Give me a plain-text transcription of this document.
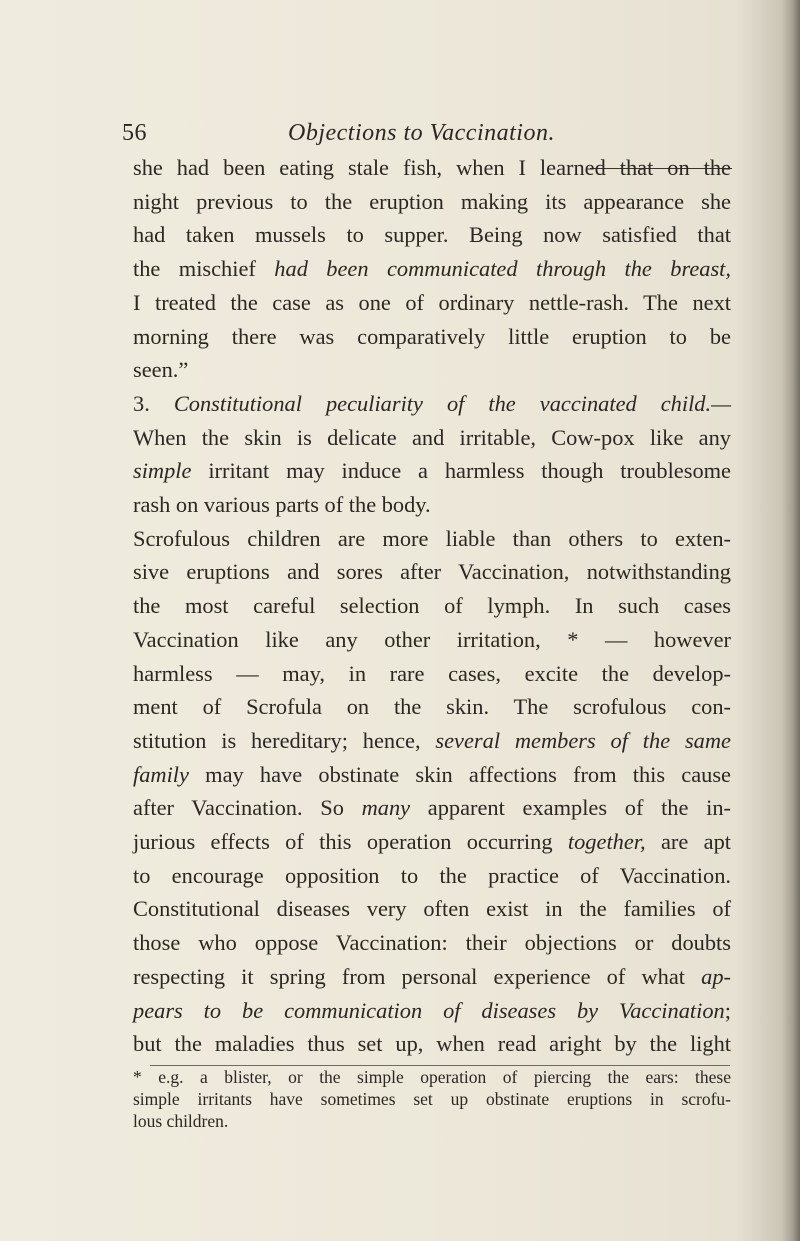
56	Objections to Vaccination.
she had been eating stale fish, when I learned that on the
night previous to the eruption making its appearance she
had taken mussels to supper. Being now satisfied that
the mischief had been communicated through the breast,
I treated the case as one of ordinary nettle-rash. The next
morning there was comparatively little eruption to be
seen.”
3. Constitutional peculiarity of the vaccinated child.—
When the skin is delicate and irritable, Cow-pox like any
simple irritant may induce a harmless though troublesome
rash on various parts of the body.
Scrofulous children are more liable than others to exten-
sive eruptions and sores after Vaccination, notwithstanding
the most careful selection of lymph. In such cases
Vaccination like any other irritation, * — however
harmless — may, in rare cases, excite the develop-
ment of Scrofula on the skin. The scrofulous con-
stitution is hereditary; hence, several members of the same
family may have obstinate skin affections from this cause
after Vaccination. So many apparent examples of the in-
jurious effects of this operation occurring together, are apt
to encourage opposition to the practice of Vaccination.
Constitutional diseases very often exist in the families of
those who oppose Vaccination: their objections or doubts
respecting it spring from personal experience of what ap-
pears to be communication of diseases by Vaccination;
but the maladies thus set up, when read aright by the light
* e.g. a blister, or the simple operation of piercing the ears: these
simple irritants have sometimes set up obstinate eruptions in scrofu-
lous children.
